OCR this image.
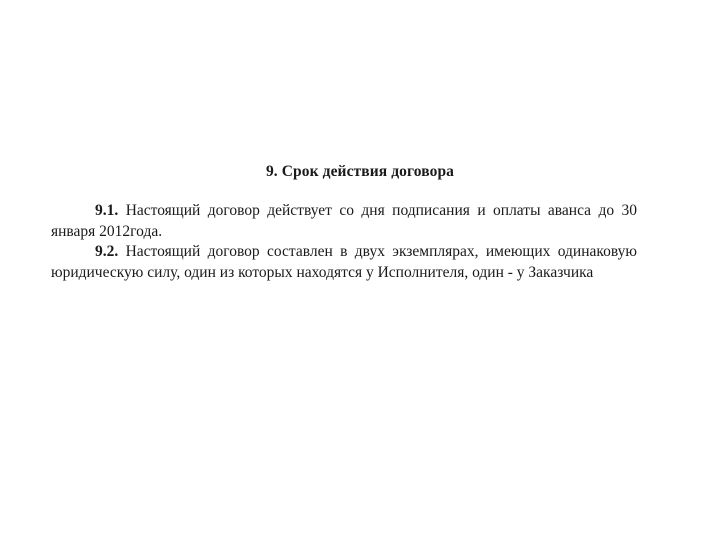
9. Срок действия договора

9.1. Настоящий договор действует со дня подписания и оплаты аванса до 30 января 2012года.

9.2. Настоящий договор составлен в двух экземплярах, имеющих одинаковую юридическую силу, один из которых находятся у Исполнителя, один - у Заказчика
